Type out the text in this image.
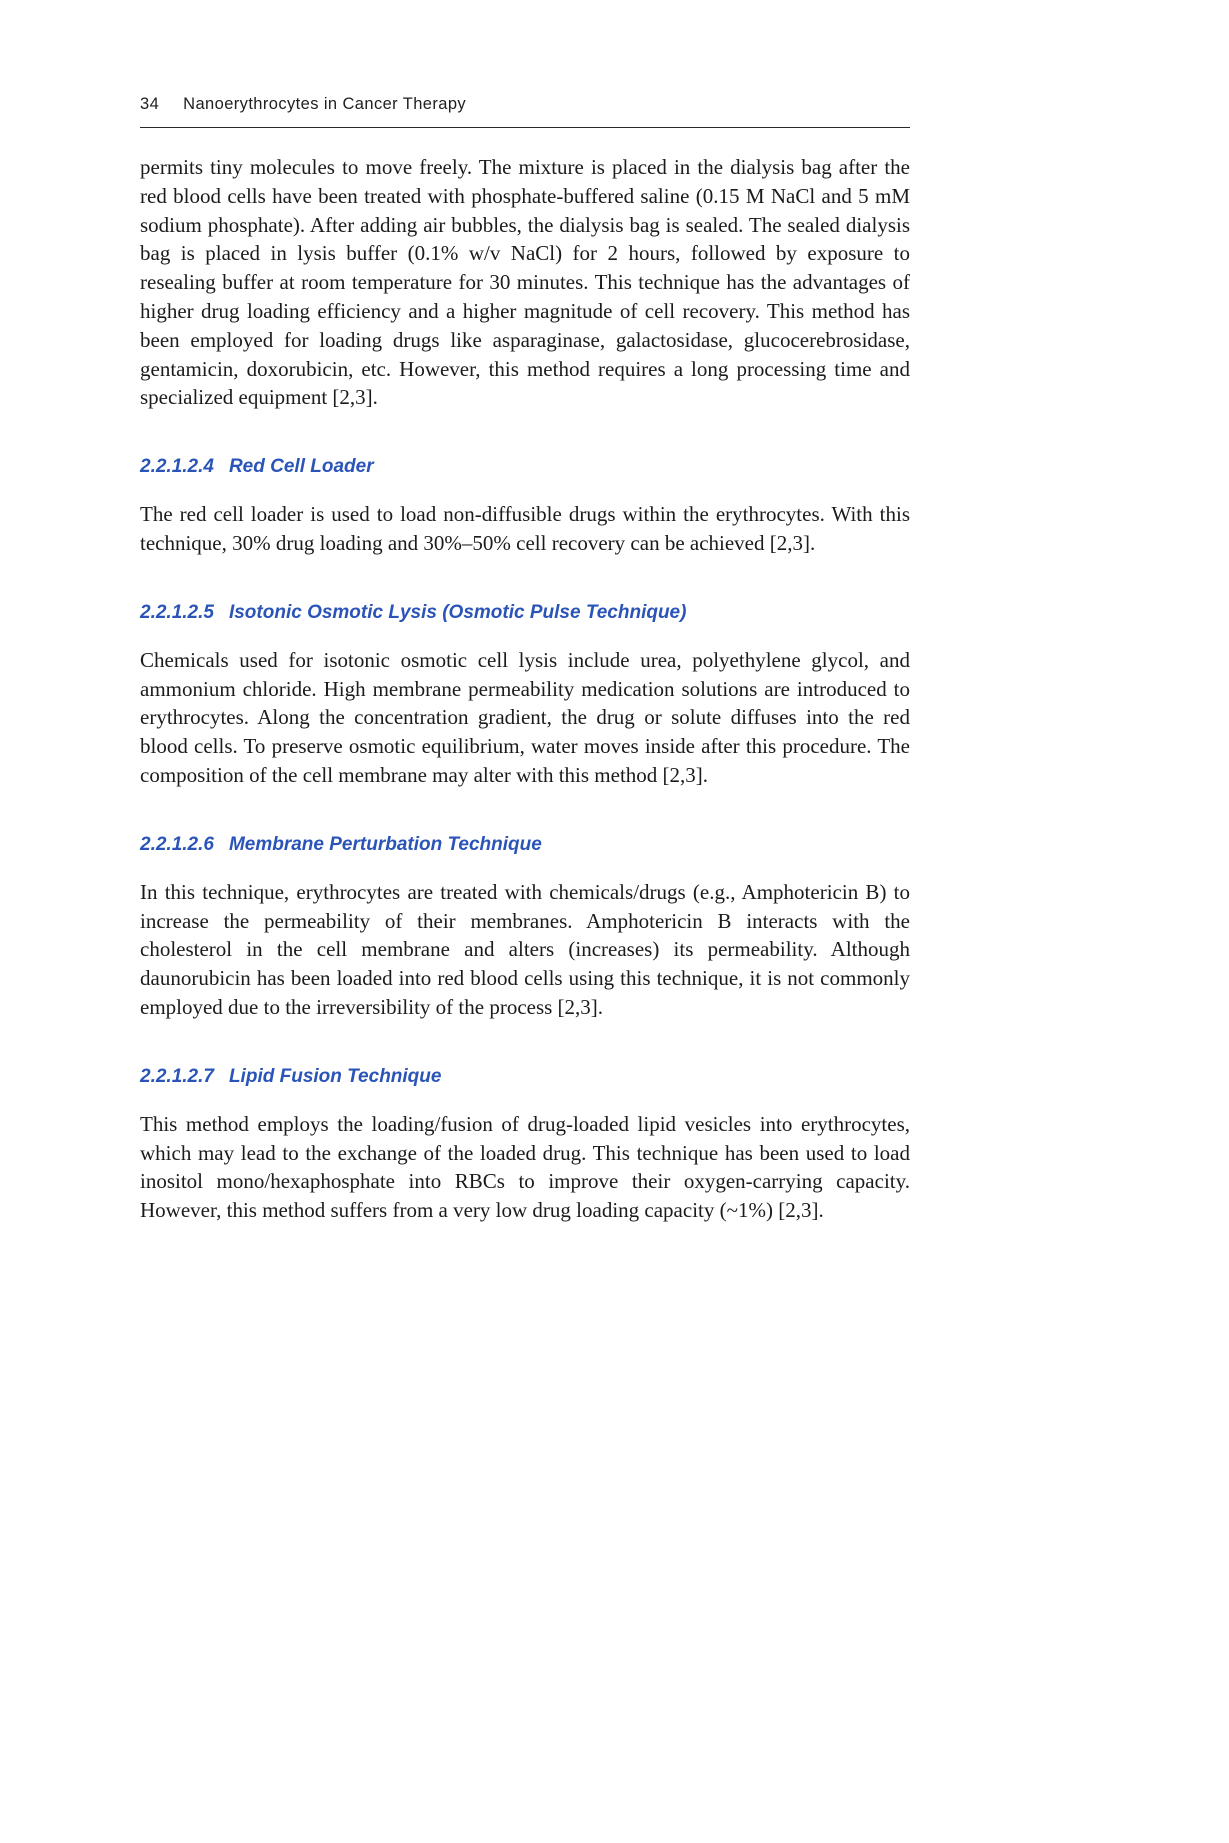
34 Nanoerythrocytes in Cancer Therapy

permits tiny molecules to move freely. The mixture is placed in the dialysis bag after the red blood cells have been treated with phosphate-buffered saline (0.15 M NaCl and 5 mM sodium phosphate). After adding air bubbles, the dialysis bag is sealed. The sealed dialysis bag is placed in lysis buffer (0.1% w/v NaCl) for 2 hours, followed by exposure to resealing buffer at room temperature for 30 minutes. This technique has the advantages of higher drug loading efficiency and a higher magnitude of cell recovery. This method has been employed for loading drugs like asparaginase, galactosidase, glucocerebrosidase, gentamicin, doxorubicin, etc. However, this method requires a long processing time and specialized equipment [2,3].

2.2.1.2.4 Red Cell Loader

The red cell loader is used to load non-diffusible drugs within the erythrocytes. With this technique, 30% drug loading and 30%–50% cell recovery can be achieved [2,3].

2.2.1.2.5 Isotonic Osmotic Lysis (Osmotic Pulse Technique)

Chemicals used for isotonic osmotic cell lysis include urea, polyethylene glycol, and ammonium chloride. High membrane permeability medication solutions are introduced to erythrocytes. Along the concentration gradient, the drug or solute diffuses into the red blood cells. To preserve osmotic equilibrium, water moves inside after this procedure. The composition of the cell membrane may alter with this method [2,3].

2.2.1.2.6 Membrane Perturbation Technique

In this technique, erythrocytes are treated with chemicals/drugs (e.g., Amphotericin B) to increase the permeability of their membranes. Amphotericin B interacts with the cholesterol in the cell membrane and alters (increases) its permeability. Although daunorubicin has been loaded into red blood cells using this technique, it is not commonly employed due to the irreversibility of the process [2,3].

2.2.1.2.7 Lipid Fusion Technique

This method employs the loading/fusion of drug-loaded lipid vesicles into erythrocytes, which may lead to the exchange of the loaded drug. This technique has been used to load inositol mono/hexaphosphate into RBCs to improve their oxygen-carrying capacity. However, this method suffers from a very low drug loading capacity (~1%) [2,3].
